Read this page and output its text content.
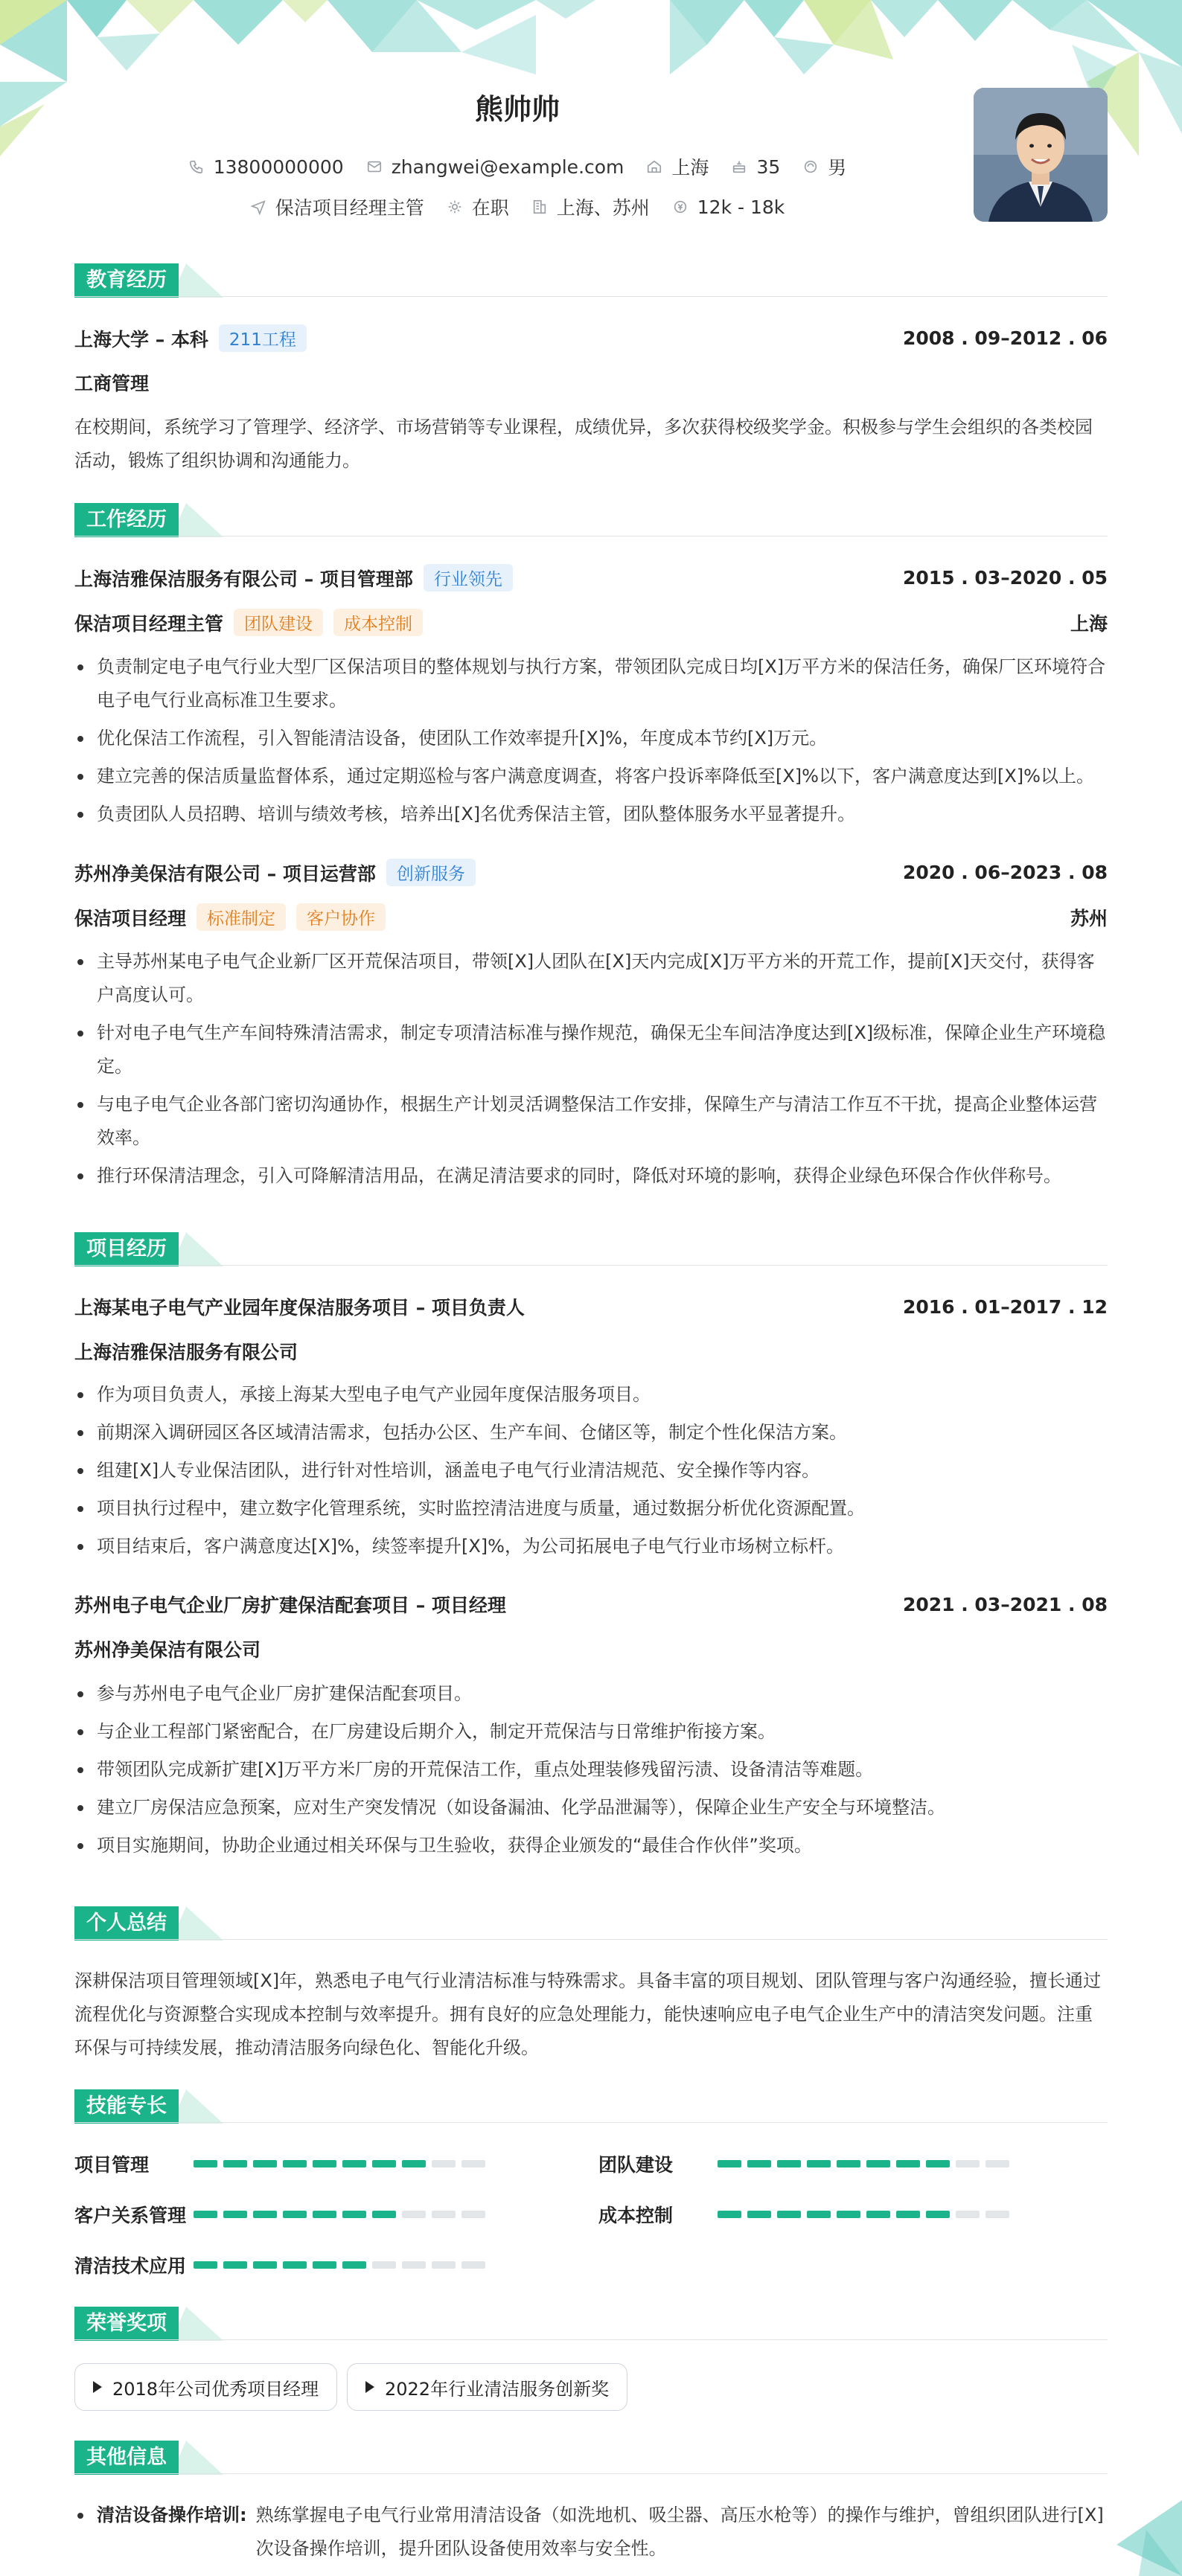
熊帅帅
13800000000	zhangwei@example.com	上海	35	男
保洁项目经理主管	在职	上海、苏州	12k - 18k
教育经历
上海大学 – 本科	211工程	2008 . 09–2012 . 06
工商管理
在校期间，系统学习了管理学、经济学、市场营销等专业课程，成绩优异，多次获得校级奖学金。积极参与学生会组织的各类校园活动，锻炼了组织协调和沟通能力。
工作经历
上海洁雅保洁服务有限公司 – 项目管理部	行业领先	2015 . 03–2020 . 05
保洁项目经理主管	团队建设	成本控制	上海
负责制定电子电气行业大型厂区保洁项目的整体规划与执行方案，带领团队完成日均[X]万平方米的保洁任务，确保厂区环境符合电子电气行业高标准卫生要求。
优化保洁工作流程，引入智能清洁设备，使团队工作效率提升[X]%，年度成本节约[X]万元。
建立完善的保洁质量监督体系，通过定期巡检与客户满意度调查，将客户投诉率降低至[X]%以下，客户满意度达到[X]%以上。
负责团队人员招聘、培训与绩效考核，培养出[X]名优秀保洁主管，团队整体服务水平显著提升。
苏州净美保洁有限公司 – 项目运营部	创新服务	2020 . 06–2023 . 08
保洁项目经理	标准制定	客户协作	苏州
主导苏州某电子电气企业新厂区开荒保洁项目，带领[X]人团队在[X]天内完成[X]万平方米的开荒工作，提前[X]天交付，获得客户高度认可。
针对电子电气生产车间特殊清洁需求，制定专项清洁标准与操作规范，确保无尘车间洁净度达到[X]级标准，保障企业生产环境稳定。
与电子电气企业各部门密切沟通协作，根据生产计划灵活调整保洁工作安排，保障生产与清洁工作互不干扰，提高企业整体运营效率。
推行环保清洁理念，引入可降解清洁用品，在满足清洁要求的同时，降低对环境的影响，获得企业绿色环保合作伙伴称号。
项目经历
上海某电子电气产业园年度保洁服务项目 – 项目负责人	2016 . 01–2017 . 12
上海洁雅保洁服务有限公司
作为项目负责人，承接上海某大型电子电气产业园年度保洁服务项目。
前期深入调研园区各区域清洁需求，包括办公区、生产车间、仓储区等，制定个性化保洁方案。
组建[X]人专业保洁团队，进行针对性培训，涵盖电子电气行业清洁规范、安全操作等内容。
项目执行过程中，建立数字化管理系统，实时监控清洁进度与质量，通过数据分析优化资源配置。
项目结束后，客户满意度达[X]%，续签率提升[X]%，为公司拓展电子电气行业市场树立标杆。
苏州电子电气企业厂房扩建保洁配套项目 – 项目经理	2021 . 03–2021 . 08
苏州净美保洁有限公司
参与苏州电子电气企业厂房扩建保洁配套项目。
与企业工程部门紧密配合，在厂房建设后期介入，制定开荒保洁与日常维护衔接方案。
带领团队完成新扩建[X]万平方米厂房的开荒保洁工作，重点处理装修残留污渍、设备清洁等难题。
建立厂房保洁应急预案，应对生产突发情况（如设备漏油、化学品泄漏等），保障企业生产安全与环境整洁。
项目实施期间，协助企业通过相关环保与卫生验收，获得企业颁发的“最佳合作伙伴”奖项。
个人总结
深耕保洁项目管理领域[X]年，熟悉电子电气行业清洁标准与特殊需求。具备丰富的项目规划、团队管理与客户沟通经验，擅长通过流程优化与资源整合实现成本控制与效率提升。拥有良好的应急处理能力，能快速响应电子电气企业生产中的清洁突发问题。注重环保与可持续发展，推动清洁服务向绿色化、智能化升级。
技能专长
项目管理	团队建设
客户关系管理	成本控制
清洁技术应用
荣誉奖项
2018年公司优秀项目经理	2022年行业清洁服务创新奖
其他信息
清洁设备操作培训: 熟练掌握电子电气行业常用清洁设备（如洗地机、吸尘器、高压水枪等）的操作与维护，曾组织团队进行[X]次设备操作培训，提升团队设备使用效率与安全性。
